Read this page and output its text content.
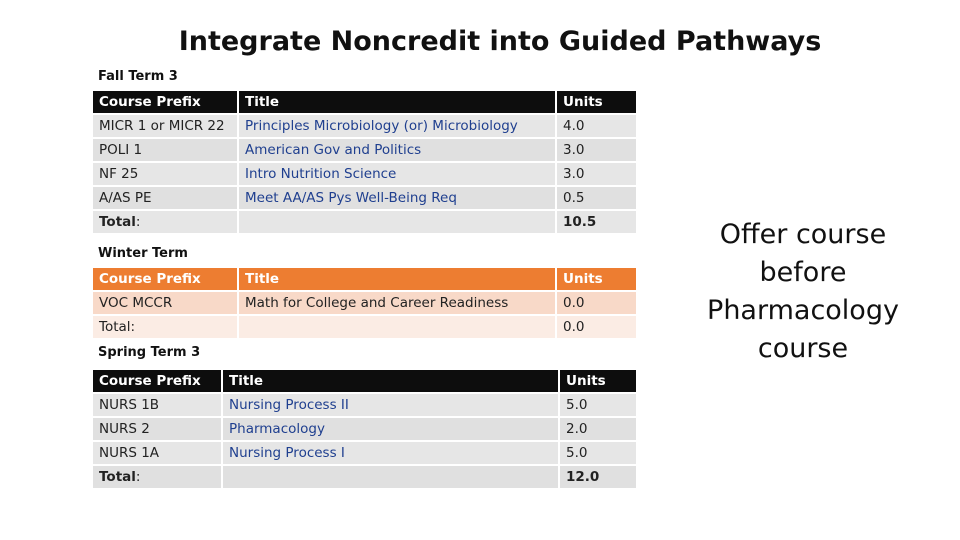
Integrate Noncredit into Guided Pathways
Fall Term 3
Course Prefix	Title	Units
MICR 1 or MICR 22	Principles Microbiology (or) Microbiology	4.0
POLI 1	American Gov and Politics	3.0
NF 25	Intro Nutrition Science	3.0
A/AS PE	Meet AA/AS Pys Well-Being Req	0.5
Total:		10.5
Winter Term
Course Prefix	Title	Units
VOC MCCR	Math for College and Career Readiness	0.0
Total:		0.0
Spring Term 3
Course Prefix	Title	Units
NURS 1B	Nursing Process II	5.0
NURS 2	Pharmacology	2.0
NURS 1A	Nursing Process I	5.0
Total:		12.0
Offer course before Pharmacology course
